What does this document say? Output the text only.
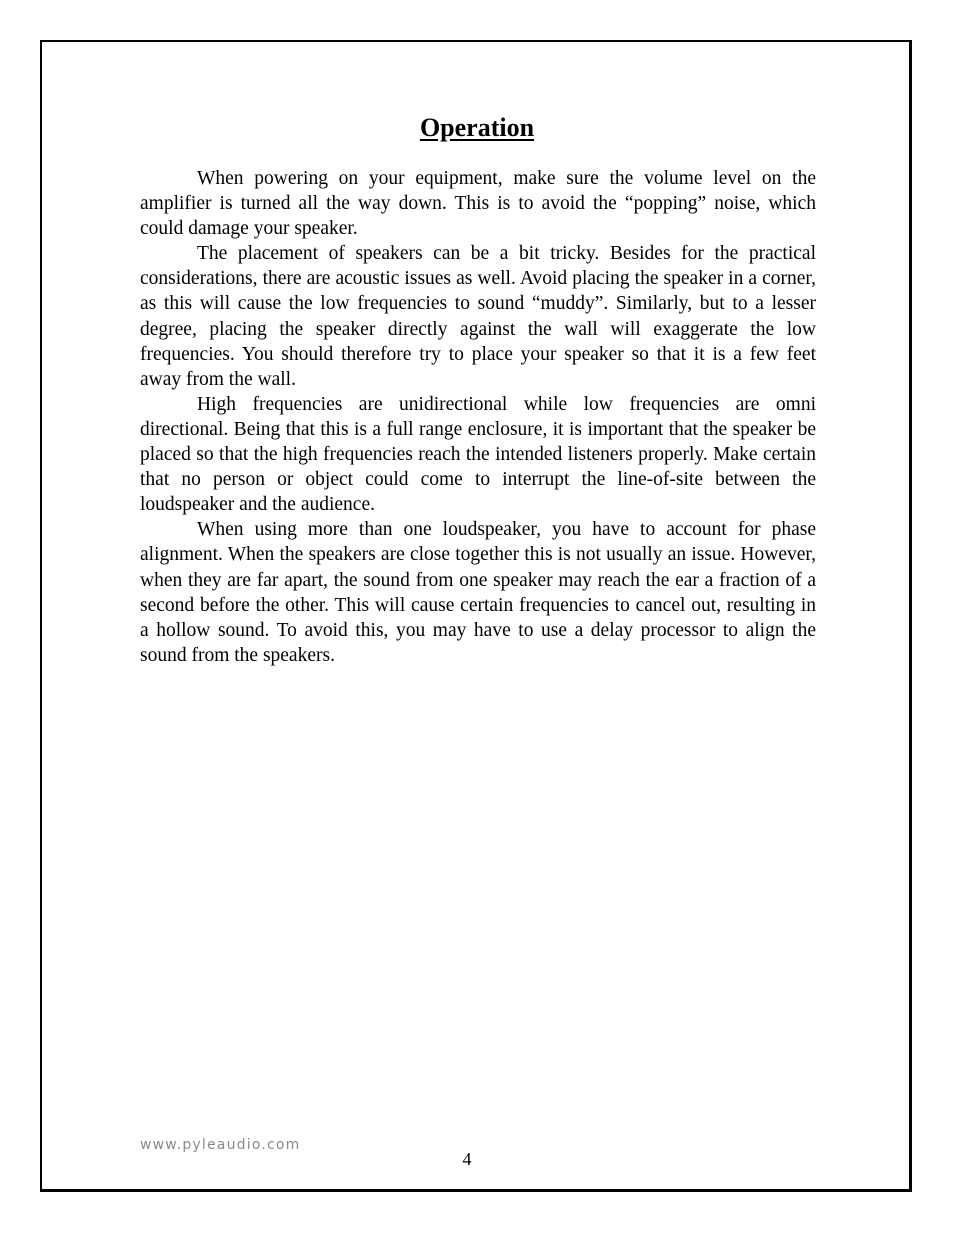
Operation

When powering on your equipment, make sure the volume level on the amplifier is turned all the way down. This is to avoid the “popping” noise, which could damage your speaker.

The placement of speakers can be a bit tricky. Besides for the practical considerations, there are acoustic issues as well. Avoid placing the speaker in a corner, as this will cause the low frequencies to sound “muddy”. Similarly, but to a lesser degree, placing the speaker directly against the wall will exaggerate the low frequencies. You should therefore try to place your speaker so that it is a few feet away from the wall.

High frequencies are unidirectional while low frequencies are omni directional. Being that this is a full range enclosure, it is important that the speaker be placed so that the high frequencies reach the intended listeners properly. Make certain that no person or object could come to interrupt the line-of-site between the loudspeaker and the audience.

When using more than one loudspeaker, you have to account for phase alignment. When the speakers are close together this is not usually an issue. However, when they are far apart, the sound from one speaker may reach the ear a fraction of a second before the other. This will cause certain frequencies to cancel out, resulting in a hollow sound. To avoid this, you may have to use a delay processor to align the sound from the speakers.

www.pyleaudio.com
4
